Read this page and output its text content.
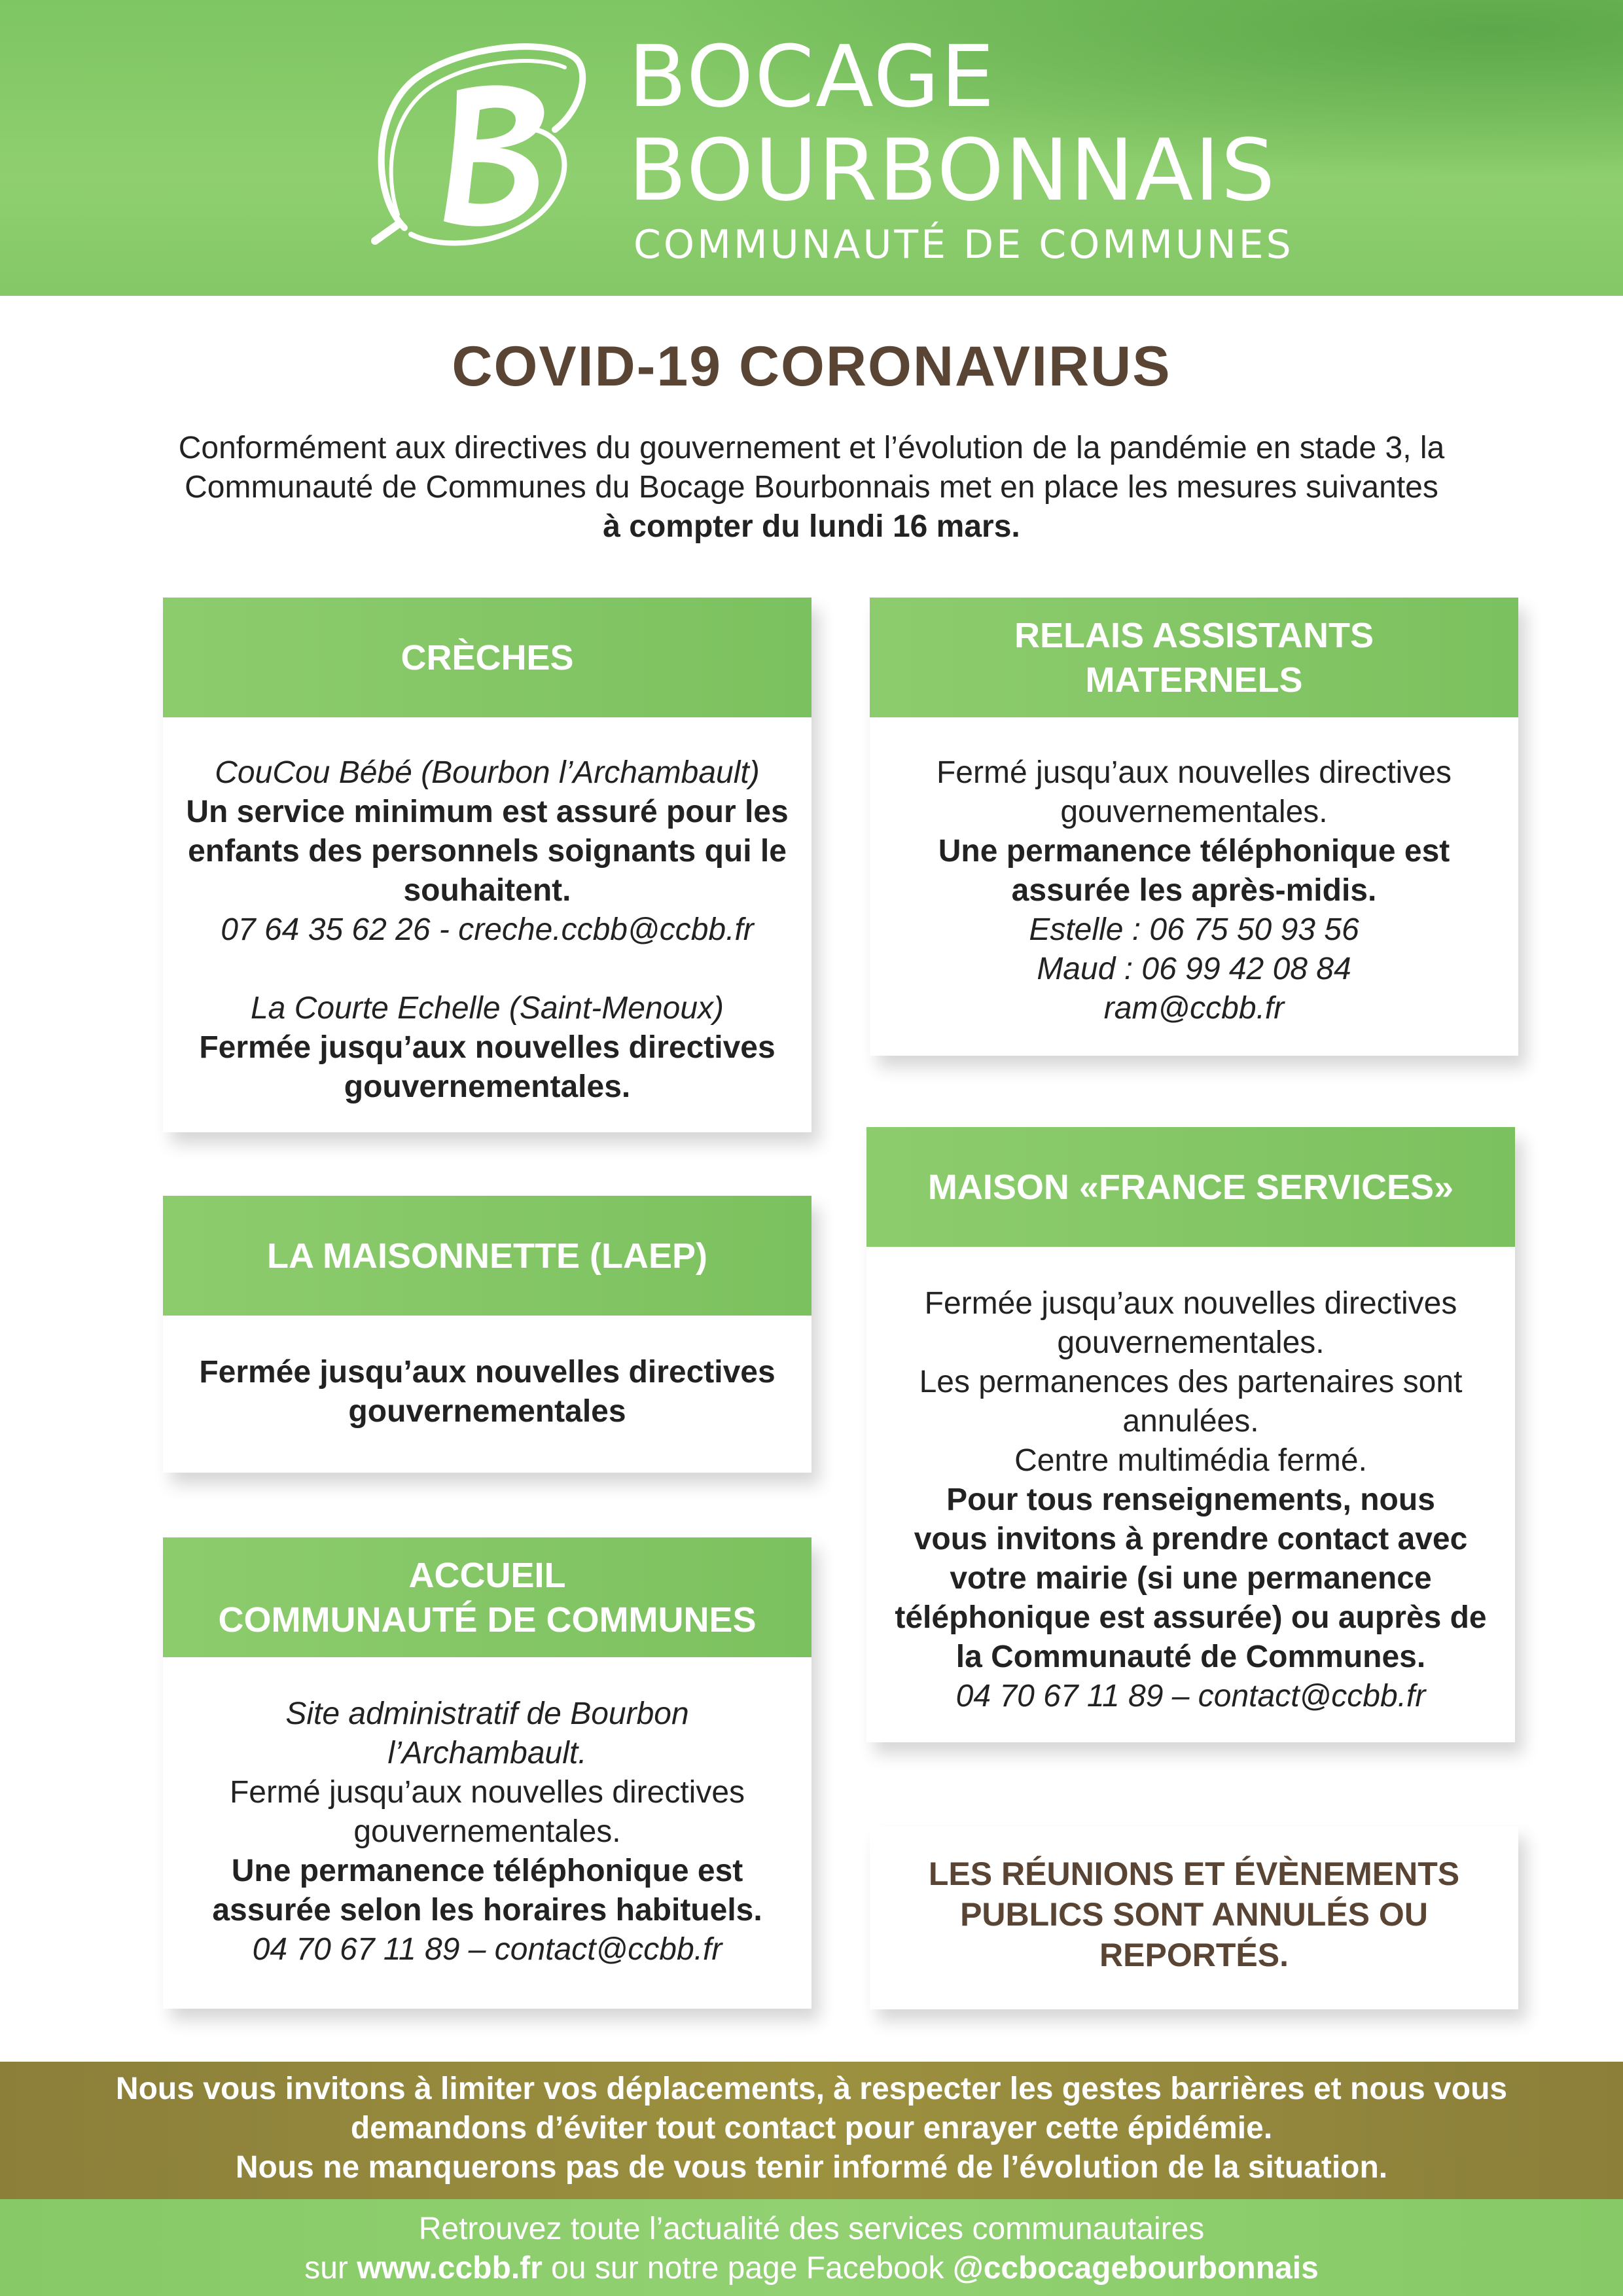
BOCAGE
BOURBONNAIS
COMMUNAUTÉ DE COMMUNES
COVID-19 CORONAVIRUS
Conformément aux directives du gouvernement et l’évolution de la pandémie en stade 3, la
Communauté de Communes du Bocage Bourbonnais met en place les mesures suivantes
à compter du lundi 16 mars.
CRÈCHES

CouCou Bébé (Bourbon l’Archambault)

Un service minimum est assuré pour les

enfants des personnels soignants qui le

souhaitent.

07 64 35 62 26 - creche.ccbb@ccbb.fr

La Courte Echelle (Saint-Menoux)

Fermée jusqu’aux nouvelles directives

gouvernementales.

RELAIS ASSISTANTS
MATERNELS

Fermé jusqu’aux nouvelles directives

gouvernementales.

Une permanence téléphonique est

assurée les après-midis.

Estelle : 06 75 50 93 56

Maud : 06 99 42 08 84

ram@ccbb.fr

LA MAISONNETTE (LAEP)

Fermée jusqu’aux nouvelles directives

gouvernementales

ACCUEIL
COMMUNAUTÉ DE COMMUNES

Site administratif de Bourbon

l’Archambault.

Fermé jusqu’aux nouvelles directives

gouvernementales.

Une permanence téléphonique est

assurée selon les horaires habituels.

04 70 67 11 89 – contact@ccbb.fr

MAISON «FRANCE SERVICES»

Fermée jusqu’aux nouvelles directives

gouvernementales.

Les permanences des partenaires sont

annulées.

Centre multimédia fermé.

Pour tous renseignements, nous

vous invitons à prendre contact avec

votre mairie (si une permanence

téléphonique est assurée) ou auprès de

la Communauté de Communes.

04 70 67 11 89 – contact@ccbb.fr

LES RÉUNIONS ET ÉVÈNEMENTS

PUBLICS SONT ANNULÉS OU

REPORTÉS.

Nous vous invitons à limiter vos déplacements, à respecter les gestes barrières et nous vous

demandons d’éviter tout contact pour enrayer cette épidémie.

Nous ne manquerons pas de vous tenir informé de l’évolution de la situation.

Retrouvez toute l’actualité des services communautaires

sur www.ccbb.fr ou sur notre page Facebook @ccbocagebourbonnais
